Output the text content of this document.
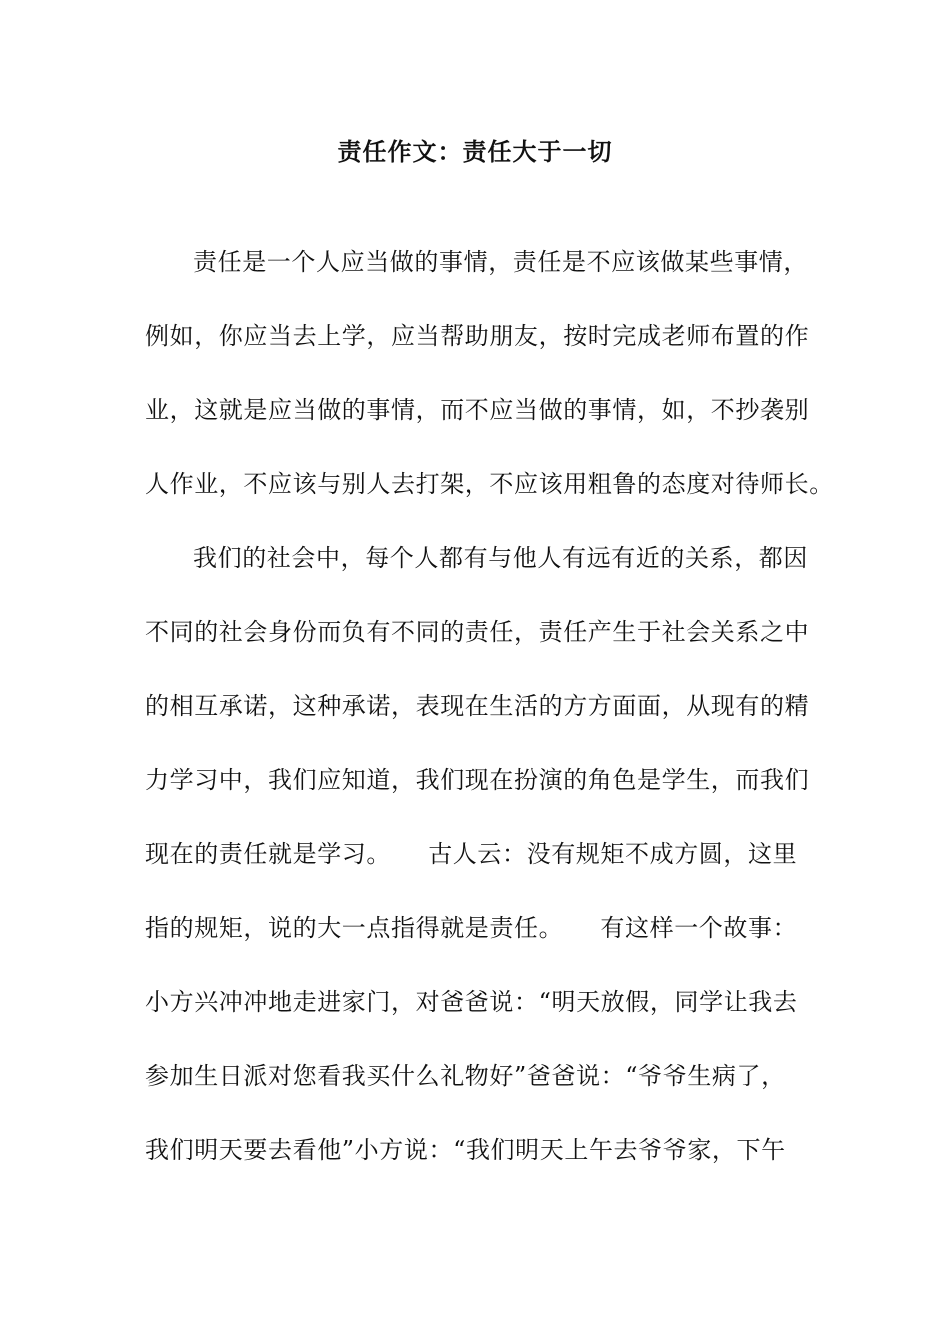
责任作文：责任大于一切
责任是一个人应当做的事情，责任是不应该做某些事情，
例如，你应当去上学，应当帮助朋友，按时完成老师布置的作
业，这就是应当做的事情，而不应当做的事情，如，不抄袭别
人作业，不应该与别人去打架，不应该用粗鲁的态度对待师长。
我们的社会中，每个人都有与他人有远有近的关系，都因
不同的社会身份而负有不同的责任，责任产生于社会关系之中
的相互承诺，这种承诺，表现在生活的方方面面，从现有的精
力学习中，我们应知道，我们现在扮演的角色是学生，而我们
现在的责任就是学习。　　古人云：没有规矩不成方圆，这里
指的规矩，说的大一点指得就是责任。　　有这样一个故事：
小方兴冲冲地走进家门，对爸爸说：“明天放假，同学让我去
参加生日派对您看我买什么礼物好”爸爸说：“爷爷生病了，
我们明天要去看他”小方说：“我们明天上午去爷爷家，下午
